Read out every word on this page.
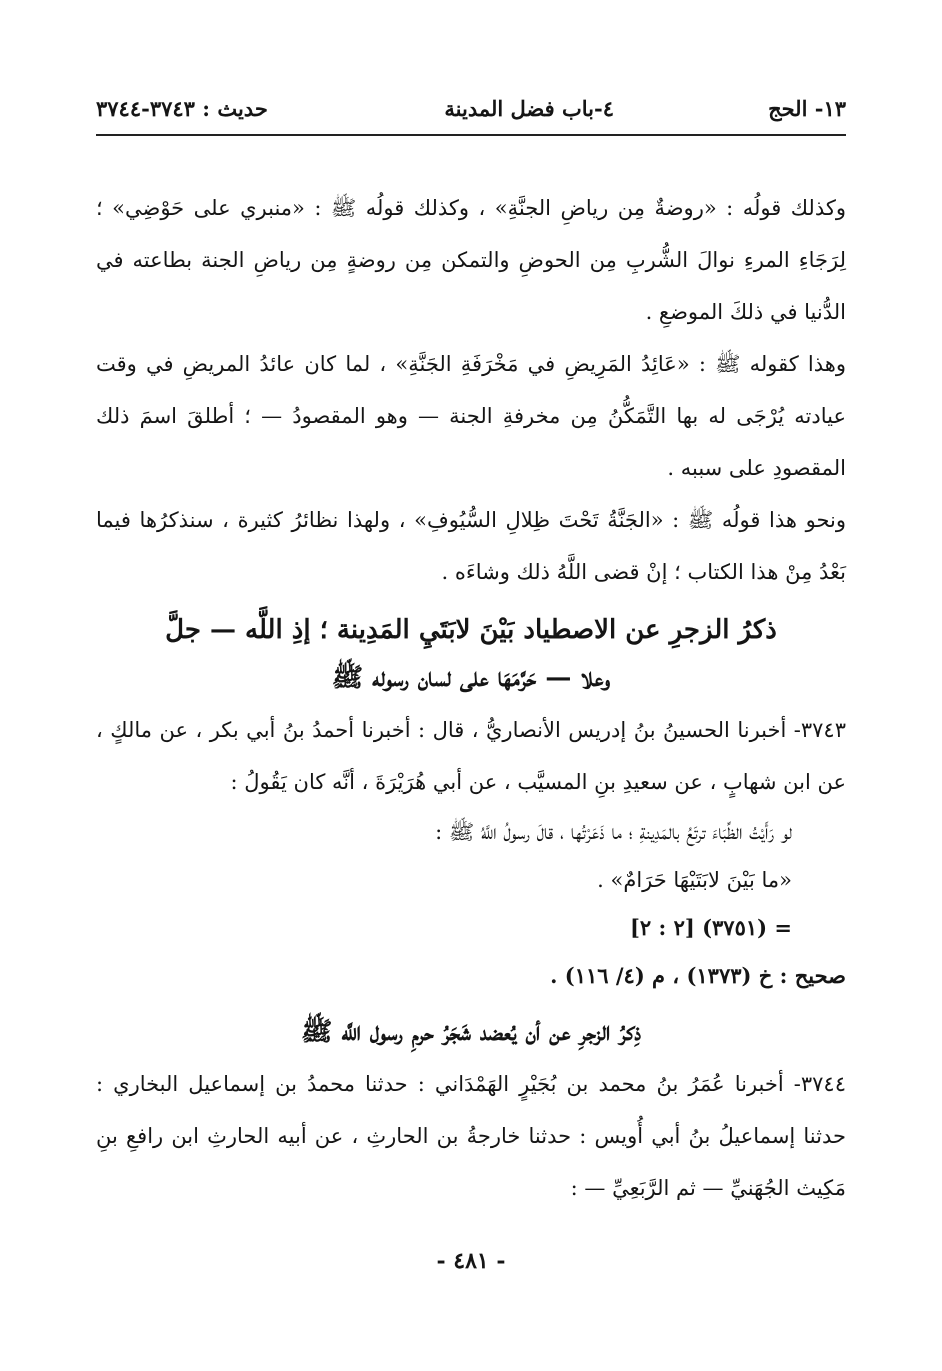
١٣- الحج
٤-باب فضل المدينة
حديث : ٣٧٤٣-٣٧٤٤

وكذلك قولُه : «روضةٌ مِن رياضِ الجنَّةِ» ، وكذلك قولُه ﷺ : «منبري على حَوْضِي» ؛ لِرَجَاءِ المرءِ نوالَ الشُّربِ مِن الحوضِ والتمكن مِن روضةٍ مِن رياضِ الجنة بطاعته في الدُّنيا في ذلكَ الموضعِ .

وهذا كقوله ﷺ : «عَائِدُ المَرِيضِ في مَخْرَفَةِ الجَنَّةِ» ، لما كان عائدُ المريضِ في وقت عيادته يُرْجَى له بها التَّمَكُّنُ مِن مخرفةِ الجنة — وهو المقصودُ — ؛ أطلقَ اسمَ ذلك المقصودِ على سببه .

ونحو هذا قولُه ﷺ : «الجَنَّةُ تَحْتَ ظِلالِ السُّيُوفِ» ، ولهذا نظائرُ كثيرة ، سنذكرُها فيما بَعْدُ مِنْ هذا الكتاب ؛ إنْ قضى اللَّهُ ذلك وشاءَه .

ذكرُ الزجرِ عن الاصطياد بَيْنَ لابَتَيِ المَدِينة ؛ إذِ اللَّه — جلَّ
وعلا — حَرَّمَهَا على لسان رسوله ﷺ

٣٧٤٣- أخبرنا الحسينُ بنُ إدريس الأنصاريُّ ، قال : أخبرنا أحمدُ بنُ أبي بكر ، عن مالكٍ ، عن ابن شهابٍ ، عن سعيدِ بنِ المسيَّب ، عن أبي هُرَيْرَةَ ، أنَّه كان يَقُولُ :

لو رَأَيْتُ الظِّبَاءَ ترتَعُ بالمَدِينةِ ؛ ما ذَعَرْتُها ، قالَ رسولُ اللَّهُ ﷺ :

«ما بَيْنَ لابَتَيْهَا حَرَامٌ» .

= (٣٧٥١) [٢ : ٢]

صحيح : خ (١٣٧٣) ، م (٤/ ١١٦) .

ذِكرُ الزجرِ عن أن يُعضد شَجَرُ حرمِ رسول اللَّه ﷺ

٣٧٤٤- أخبرنا عُمَرُ بنُ محمد بن بُجَيْرٍ الهَمْدَاني : حدثنا محمدُ بن إسماعيل البخاري : حدثنا إسماعيلُ بنُ أبي أُويس : حدثنا خارجةُ بن الحارثِ ، عن أبيه الحارثِ ابن رافعِ بنِ مَكِيث الجُهَنيِّ — ثم الرَّبَعِيِّ — :

- ٤٨١ -
